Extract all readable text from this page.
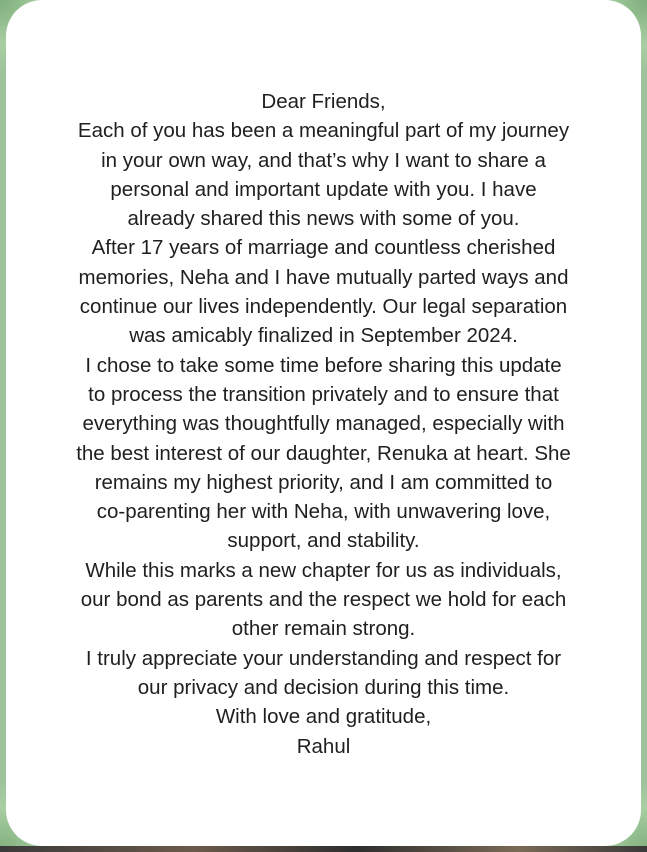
Dear Friends,
Each of you has been a meaningful part of my journey
in your own way, and that’s why I want to share a
personal and important update with you. I have
already shared this news with some of you.
After 17 years of marriage and countless cherished
memories, Neha and I have mutually parted ways and
continue our lives independently. Our legal separation
was amicably finalized in September 2024.
I chose to take some time before sharing this update
to process the transition privately and to ensure that
everything was thoughtfully managed, especially with
the best interest of our daughter, Renuka at heart. She
remains my highest priority, and I am committed to
co-parenting her with Neha, with unwavering love,
support, and stability.
While this marks a new chapter for us as individuals,
our bond as parents and the respect we hold for each
other remain strong.
I truly appreciate your understanding and respect for
our privacy and decision during this time.
With love and gratitude,
Rahul
